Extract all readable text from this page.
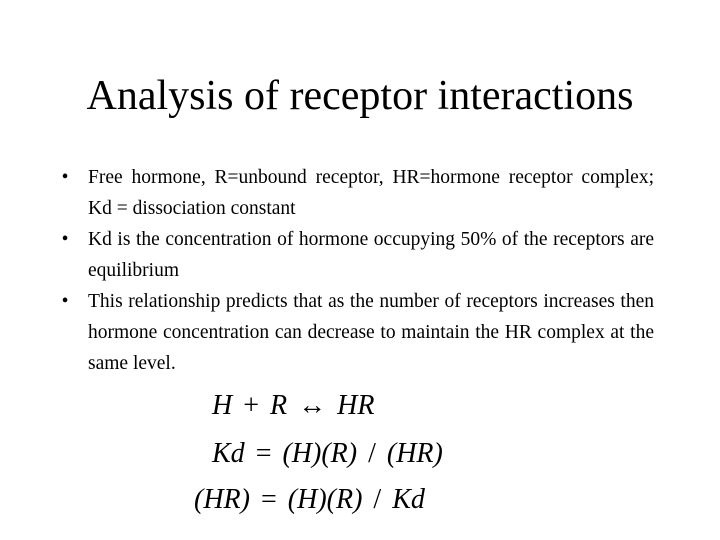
Analysis of receptor interactions
• Free hormone, R=unbound receptor, HR=hormone receptor complex; Kd = dissociation constant
• Kd is the concentration of hormone occupying 50% of the receptors are equilibrium
• This relationship predicts that as the number of receptors increases then hormone concentration can decrease to maintain the HR complex at the same level.
H + R ↔ HR
Kd = (H)(R) / (HR)
(HR) = (H)(R) / Kd
